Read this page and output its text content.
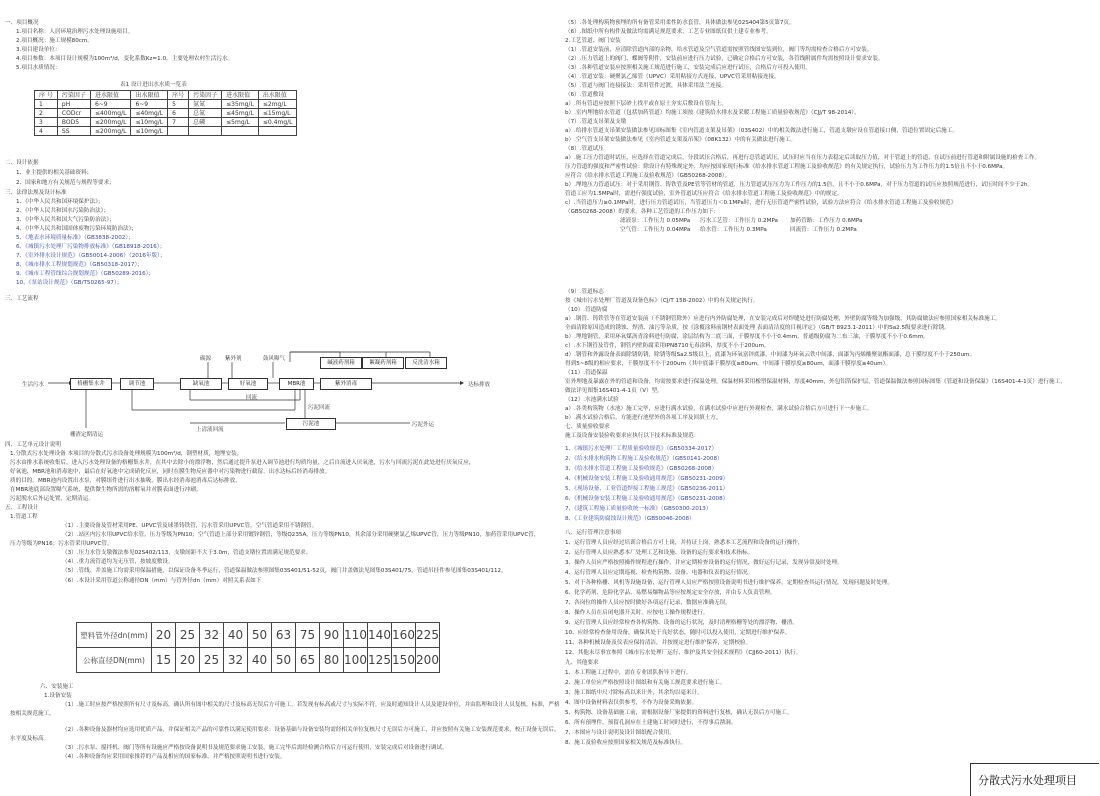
一、项目概况
1.项目名称：人居环境治理污水处理设施项目。
2.项目概况：施工规模80cm。
3.项目建设单位：
4.项目参数：本项目设计规模为100m³/d，变化系数Kz=1.0，主要处理农村生活污水。
5.项目水质情况：
表1 设计进出水水质一览表
二、设计依据
1、业主提供的相关基础资料；
2、国家和地方有关规范与规程等要求；
三、法律法规及设计标准
1、《中华人民共和国环境保护法》；
2、《中华人民共和国水污染防治法》；
3、《中华人民共和国大气污染防治法》；
4、《中华人民共和国固体废物污染环境防治法》；
5、《地表水环境质量标准》（GB3838-2002）；
6、《城镇污水处理厂污染物排放标准》（GB18918-2016）；
7、《室外排水设计规范》（GB50014-2006）（2016年版）；
8、《城市排水工程规划规范》（GB50318-2017）；
9、《城市工程管线综合规划规范》（GB50289-2016）；
10、《泵站设计规范》（GB/T50265-97）；
三、工艺流程
四、工艺单元设计说明
1.分散式污水处理设备 本项目的分散式污水设备处理规模为100m³/d，钢塑材质，地埋安装。
污水由排水系统收集后，进入污水处理设备的格栅集水井，在其中去除小的漂浮物，然后通过提升泵进入调节池进行均质均量，之后自流进入厌氧池，污水与回流污泥在此处进行厌氧反应，
好氧池、MBR池和消毒池中，最后在好氧池中完成硝化反应，同时在膜生物反应器中对污染物进行截留，出水达标后经消毒排放。
质的目的。MBR池内设置出水泵，对膜组件进行出水抽吸，膜出水经消毒池消毒后达标排放。
在MBR池底部设置曝气系统，提供微生物所需的溶解氧并对膜表面进行冲刷。
污泥脱水后外运处置，定期清运。
五、工程设计
1.管道工程
（1）.主要设备及管材采用PE、UPVC管及球墨铸铁管，污水管采用UPVC管，空气管道采用不锈钢管。
（2）.站区内污水用UPVC给水管，压力等级为PN10；空气管道上部分采用镀锌钢管，等级Q235A，压力等级PN10，其余部分采用硬聚氯乙烯UPVC管，压力等级PN10，加药管采用UPVC管，
压力等级为PN16；污水管采用UPVC管。
（3）.压力水管支墩做法参见02S402/113，支墩间距不大于3.0m，管道支墩位置需满足规范要求。
（4）.重力流管道均为无压管，按坡度敷设。
（5）.管线、井盖施工均需采用保温措施，以保证设备冬季运行，管道保温做法参照图集03S401/51-52页，阀门井盖做法见图集03S401/75，管道吊挂件参见图集03S401/112。
（6）.本设计采用管道公称通径DN（mm）与管外径dn（mm）对照关系表如下
六、安装施工
1.设备安装
（1）.施工时应按严格按照所有尺寸及标高，确认所有图中相关的尺寸及标高无误后方可施工，若发现有标高或尺寸与实际不符，应及时通知设计人员及建设单位，并由监理和设计人员复核，标准，严格
按相关规范施工。
（2）.各种设备及器材均应选用优质产品，并保证相关产品的可靠性以满足使用要求：设备基础与设备安装均需经相关单位复核尺寸无误后方可施工，并应按照有关施工安装规范要求，校正设备无误后，
水平度及标高。
（3）.污水泵、搅拌机、阀门等所有设施应严格按设备说明书及规范要求施工安装，施工完毕后需经检测合格后方可运行使用，安装完成后对设备进行调试。
（4）.各种设备均应采用国家推荐的产品及相应的国家标准，并严格按照说明书进行安装。
序 号	污染因子	进水限值	出水限值	序号	污染因子	进水限值	出水限值
1	pH	6~9	6~9	5	氨氮	≤35mg/L	≤2mg/L
2	CODcr	≤400mg/L	≤40mg/L	6	总氮	≤45mg/L	≤15mg/L
3	BOD5	≤200mg/L	≤10mg/L	7	总磷	≤5mg/L	≤0.4mg/L
4	SS	≤200mg/L	≤10mg/L				
格栅集水井	调节池	缺氧池	好氧池	MBR池	紫外消毒
碳源	紫外剂	鼓风曝气
碱液药剂箱	絮凝药剂箱	反洗清水箱
生活污水	达标排放
回流
污泥回流
污泥池
上清液回流
污泥外运
栅渣定期清运
塑料管外径dn(mm)	20	25	32	40	50	63	75	90	110	140	160	225
公称直径DN(mm)	15	20	25	32	40	50	65	80	100	125	150	200
（5）.各处理构筑物预埋的所有备管采用柔性防水套管，具体做法参见02S404第5页第7页。
（6）.图纸中所有构件及做法均需满足规范要求，工艺专业图纸仅供土建专业参考。
2.工艺管道、阀门安装
（1）.管道安装前，应清除管道内部的杂物，给水管道及空气管道需按照管线图安装到位，阀门等均需检查合格后方可安装。
（2）.压力管道上的阀门、蝶阀等附件，安装前应进行压力试验，已确定合格后方可安装，各管线附属件均需按照设计要求安装。
（3）.各种管道安装应按照相关施工规范进行施工，安装完成后应进行试压，合格后方可投入使用。
（4）.管道安装：硬聚氯乙烯管（UPVC）采用粘接方式连接，UPVC管采用粘接连接。
（5）.管道与阀门连接接法：采用管件过渡，具体采用法兰连接。
（6）.管道敷设
a）.所有管道应按照下层砂土找平或在原土夯实后敷设在管沟上。
b）.室内埋地给水管道（包括加药管道）均施工须按《建筑给水排水及采暖工程施工质量验收规范》（CJJ/T 98-2014）。
（7）.管道支吊架及支墩
a）.给排水管道支吊架安装做法参见国标图集《室内管道支架及吊架》（03S402）中的相关做法进行施工，管道支墩应设在管道接口侧，管道位置固定后施工。
b）.空气管支吊架安装做法参见《室内管道支架及吊架》（08K132）中的有关做法进行施工。
（8）.管道试压
a）.施工压力管道时试压，应选择在管道完成后，分段试压合格后，再进行总管道试压，试压时应当在压力表稳定后读取压力值，对于管道上的管道，在试压前进行管道和附属设施的检查工作。
压力管道的强度和严密性试验：除设计有特殊规定外，均应按国家现行标准《给水排水管道工程施工及验收规范》的有关规定执行，试验压力为工作压力的1.5倍且不小于0.6MPa。
应符合《给水排水管道工程施工及验收规范》（GB50268-2008）。
b）.埋地压力管道试压：对于采用钢管、铸铁管及PE管等管材的管道，压力管道试压压力为工作压力的1.5倍，且不小于0.6MPa，对于压力管道的试压应按照规范进行，试压时间不少于2h。
管道工应为1.5MPa时，需进行强度试验，室外管道试压应符合《给水排水管道工程施工及验收规范》中的规定。
c）.当管道压力≥0.1MPa时，进行压力管道试压，当管道压力＜0.1MPa时，进行无压管道严密性试验，试验方法应符合《给水排水管道工程施工及验收规范》
（GB50268-2008）的要求。各种工艺管道的工作压力如下：
（9）.管道标志
按《城市污水处理厂管道及设备色标》（CJ/T 158-2002）中的有关规定执行。
（10）.管道防腐
a）.钢管、铸铁管等在管道安装前（不锈钢管除外）应进行内外防腐处理，在安装完成后对焊缝处进行防腐处理，外壁防腐等级为加强级，其防腐做法应参照国家相关标准施工。
全面清除原因造成的锈蚀、焊渣、油污等杂质，按《涂覆涂料前钢材表面处理 表面清洁度的目视评定》（GB/T 8923.1-2011）中的Sa2.5级要求进行除锈。
b）.埋地钢管，采用环氧煤沥青涂料进行防腐，涂层结构为二底三面，干膜厚度不小于0.4mm，普通级防腐为二布三油，干膜厚度不小于0.6mm。
c）.水下钢管及管件，钢管内壁防腐采用IPN8710无毒涂料，厚度不小于200um。
d）.钢管和外露设备表面除锈防锈，除锈等级Sa2.5级以上，底漆为环氧富锌底漆，中间漆为环氧云铁中间漆，面漆为丙烯酸聚氨酯面漆，总干膜厚度不小于250um。
得到5~8级的相应要求，干膜厚度不小于200um（其中底漆干膜厚度≥80um，中间漆干膜厚度≥80um，面漆干膜厚度≥40um）。
（11）.管道保温
室外埋地及暴露在外的管道和设备，均需按要求进行保温处理，保温材料采用橡塑保温材料，厚度40mm，外包铝箔保护层，管道保温做法参照国标图集《管道和设备保温》（16S401-4-1页）进行施工，
做法详见图集16S401-4-1页（V）型。
（12）.水池满水试验
a）.各类构筑物（水池）施工完毕，应进行满水试验，在满水试验中应进行外观检查，满水试验合格后方可进行下一步施工。
b）.满水试验合格后，方能进行池壁外的各项工序及回填土方。
七、质量验收要求
施工及设备安装验收要求应执行以下技术标准及规范：
1、《城镇污水处理厂工程质量验收规范》（GB50334-2017）
2、《给水排水构筑物工程施工及验收规范》（GB50141-2008）
3、《给水排水管道工程施工及验收规范》（GB50268-2008）
4、《机械设备安装工程施工及验收通用规范》（GB50231-2009）
5、《现场设备、工业管道焊接工程施工规范》（GB50236-2011）
6、《机械设备安装工程施工及验收通用规范》（GB50231-2008）
7、《建筑工程施工质量验收统一标准》（GB50300-2013）
8、《工业建筑防腐蚀设计规范》（GB50046-2008）
八、运行管理注意事项
1、运行管理人员应经过培训合格后方可上岗，并持证上岗，熟悉本工艺流程和设备的运行操作，
2、运行管理人员应熟悉本厂处理工艺和设施、设备的运行要求和技术指标。
3、操作人员应严格按照操作规程进行操作，并应定期检查设备的运行情况，做好运行记录，发现异常及时处理。
4、运行管理人员应定期巡视、检查构筑物、设备、电器和仪表的运行情况。
5、对于各种格栅、风机等设施设备，运行管理人员应严格按照设备说明书进行维护保养，定期检查其运行情况，发现问题及时处理。
6、化学药剂、危险化学品、易燃易爆物品等应按规定安全存放，并由专人负责管理。
7、各岗位的操作人员应按时做好各项运行记录，数据应准确无误。
8、操作人员在启闭电器开关时，应按电工操作规程进行。
9、运行管理人员应经常检查各构筑物、设备的运行状况，及时清理格栅等处的漂浮物、栅渣。
10、应经常检查备用设备，确保其处于良好状态，随时可以投入使用，定期进行维护保养。
11、各种机械设备及仪表应保持清洁，并按规定进行维护保养，定期校验。
12、其他未尽事宜参照《城市污水处理厂运行、维护及其安全技术规程》（CJJ60-2011）执行。
九、其他要求
1、本工程施工过程中，需在专业团队指导下进行。
2、施工单位应严格按照设计图纸和有关施工规范要求进行施工。
3、施工图纸中尺寸除标高以米计外，其余均以毫米计。
4、图中设备材料表仅供参考，不作为设备采购依据。
5、构筑物、设备基础施工前，需根据设备厂家提供的资料进行复核，确认无误后方可施工。
6、所有预埋件、预留孔洞应在土建施工时同时进行，不得事后凿洞。
7、本图应与设计说明及设计图纸配合使用。
8、施工及验收应按照国家相关规范及标准执行。
滤液泵：工作压力 0.05MPa 污水工艺管：工作压力 0.2MPa 加药管路：工作压力 0.6MPa
空气管：工作压力 0.04MPa 给水管：工作压力 0.3MPa	回流管：工作压力 0.2MPa
分散式污水处理项目
